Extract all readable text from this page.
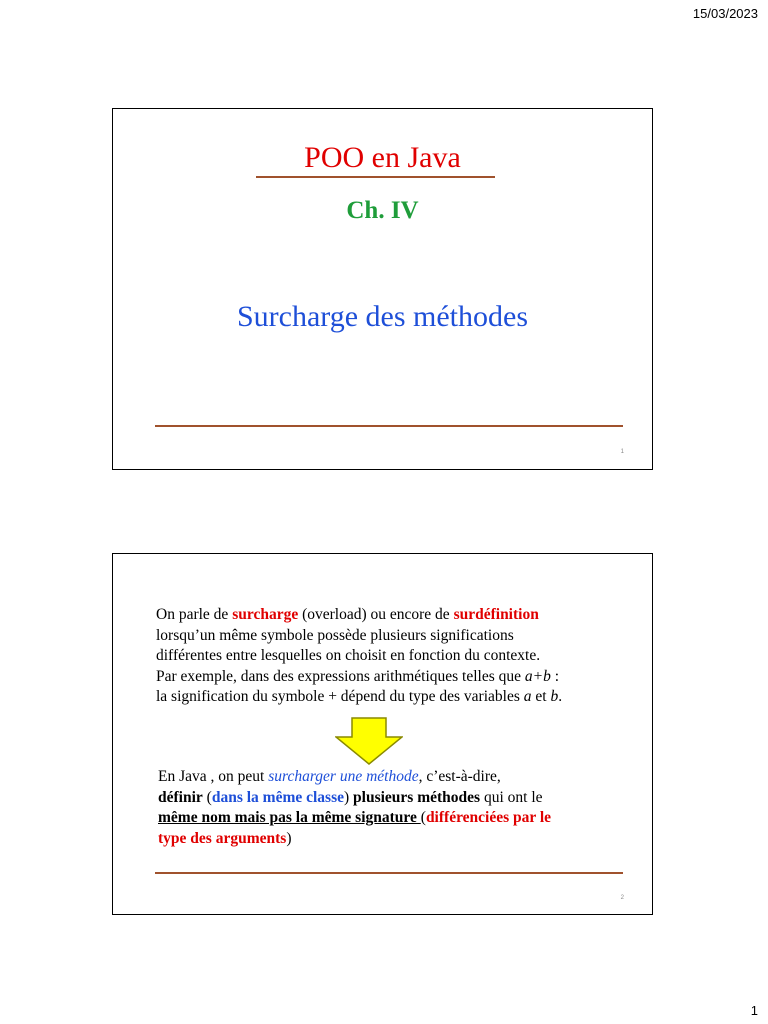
15/03/2023
POO en Java
Ch. IV
Surcharge des méthodes
1
On parle de surcharge (overload) ou encore de surdéfinition
lorsqu’un même symbole possède plusieurs significations
différentes entre lesquelles on choisit en fonction du contexte.
Par exemple, dans des expressions arithmétiques telles que a+b :
la signification du symbole + dépend du type des variables a et b.
En Java , on peut surcharger une méthode, c’est-à-dire,
définir (dans la même classe) plusieurs méthodes qui ont le
même nom mais pas la même signature (différenciées par le
type des arguments)
2
1
